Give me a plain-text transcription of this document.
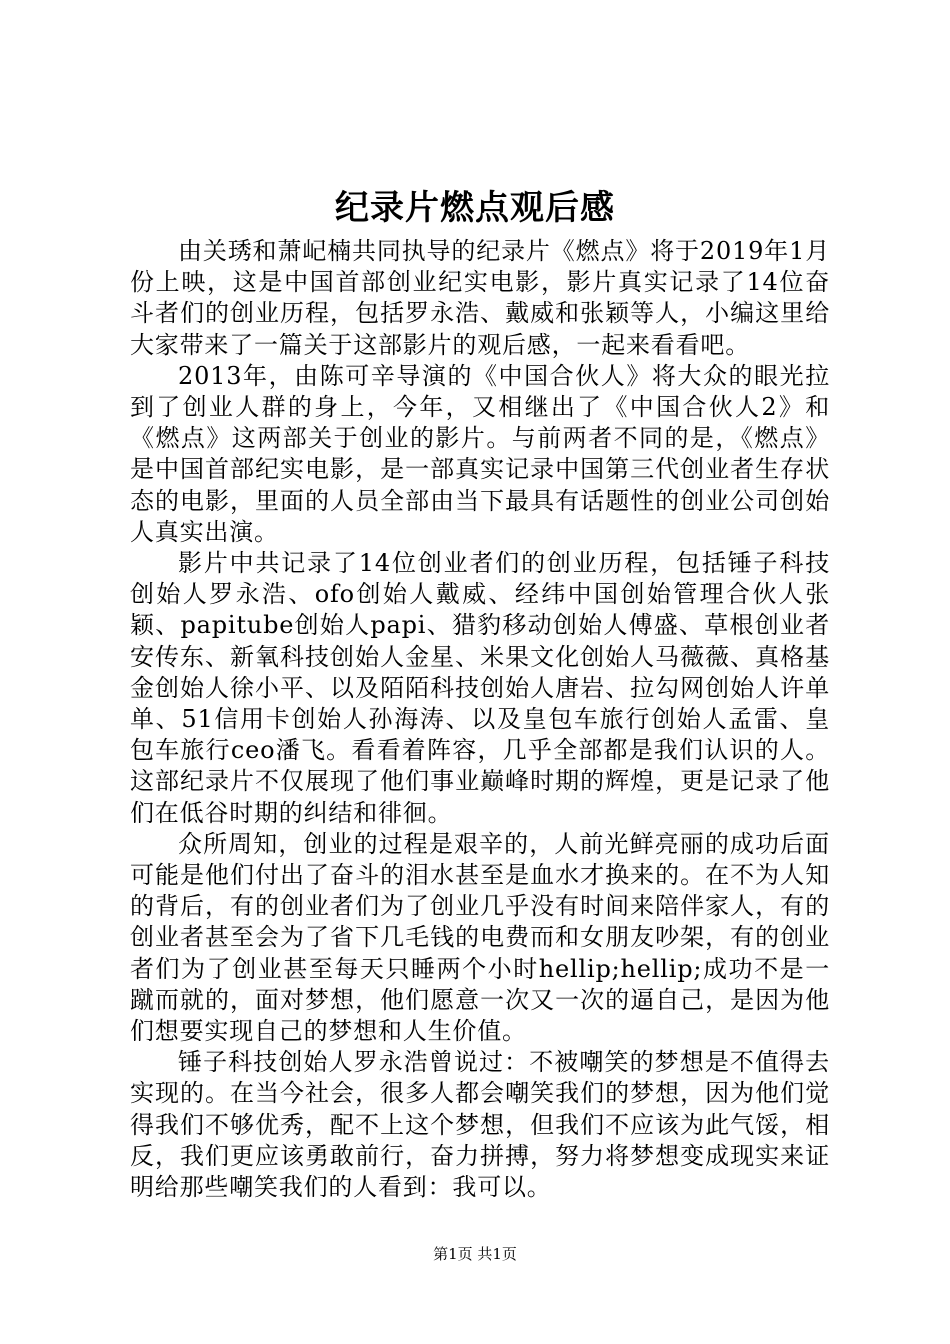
纪录片燃点观后感

由关琇和萧屺楠共同执导的纪录片《燃点》将于2019年1月份上映，这是中国首部创业纪实电影，影片真实记录了14位奋斗者们的创业历程，包括罗永浩、戴威和张颖等人，小编这里给大家带来了一篇关于这部影片的观后感，一起来看看吧。

2013年，由陈可辛导演的《中国合伙人》将大众的眼光拉到了创业人群的身上，今年，又相继出了《中国合伙人2》和《燃点》这两部关于创业的影片。与前两者不同的是，《燃点》是中国首部纪实电影，是一部真实记录中国第三代创业者生存状态的电影，里面的人员全部由当下最具有话题性的创业公司创始人真实出演。

影片中共记录了14位创业者们的创业历程，包括锤子科技创始人罗永浩、ofo创始人戴威、经纬中国创始管理合伙人张颖、papitube创始人papi、猎豹移动创始人傅盛、草根创业者安传东、新氧科技创始人金星、米果文化创始人马薇薇、真格基金创始人徐小平、以及陌陌科技创始人唐岩、拉勾网创始人许单单、51信用卡创始人孙海涛、以及皇包车旅行创始人孟雷、皇包车旅行ceo潘飞。看看着阵容，几乎全部都是我们认识的人。这部纪录片不仅展现了他们事业巅峰时期的辉煌，更是记录了他们在低谷时期的纠结和徘徊。

众所周知，创业的过程是艰辛的，人前光鲜亮丽的成功后面可能是他们付出了奋斗的泪水甚至是血水才换来的。在不为人知的背后，有的创业者们为了创业几乎没有时间来陪伴家人，有的创业者甚至会为了省下几毛钱的电费而和女朋友吵架，有的创业者们为了创业甚至每天只睡两个小时hellip;hellip;成功不是一蹴而就的，面对梦想，他们愿意一次又一次的逼自己，是因为他们想要实现自己的梦想和人生价值。

锤子科技创始人罗永浩曾说过：不被嘲笑的梦想是不值得去实现的。在当今社会，很多人都会嘲笑我们的梦想，因为他们觉得我们不够优秀，配不上这个梦想，但我们不应该为此气馁，相反，我们更应该勇敢前行，奋力拼搏，努力将梦想变成现实来证明给那些嘲笑我们的人看到：我可以。

第1页 共1页
